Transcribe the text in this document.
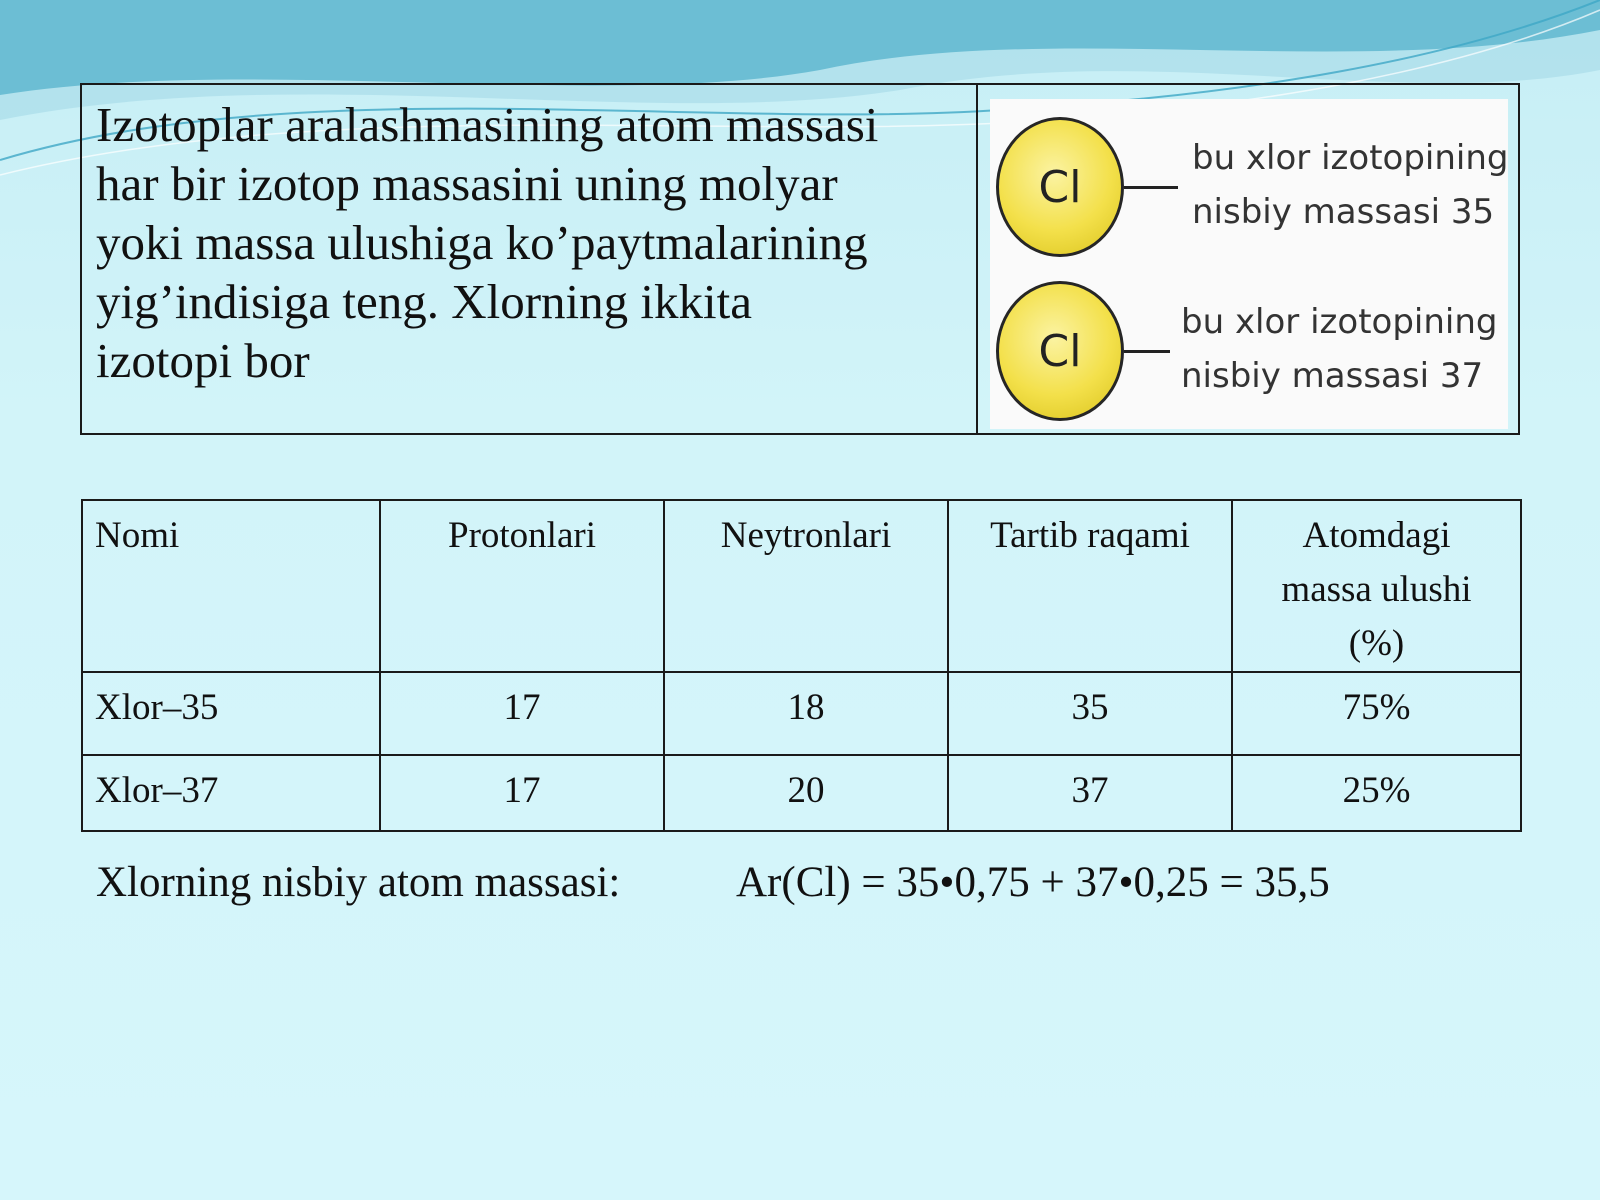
Izotoplar aralashmasining atom massasi
har bir izotop massasini uning molyar
yoki massa ulushiga ko’paytmalarining
yig’indisiga teng. Xlorning ikkita
izotopi bor
Cl
bu xlor izotopining
nisbiy massasi 35
Cl
bu xlor izotopining
nisbiy massasi 37
Nomi	Protonlari	Neytronlari	Tartib raqami	Atomdagi
massa ulushi
(%)

Xlor–35	17	18	35	75%
Xlor–37	17	20	37	25%
Xlorning nisbiy atom massasi:	Ar(Cl) = 35•0,75 + 37•0,25 = 35,5
